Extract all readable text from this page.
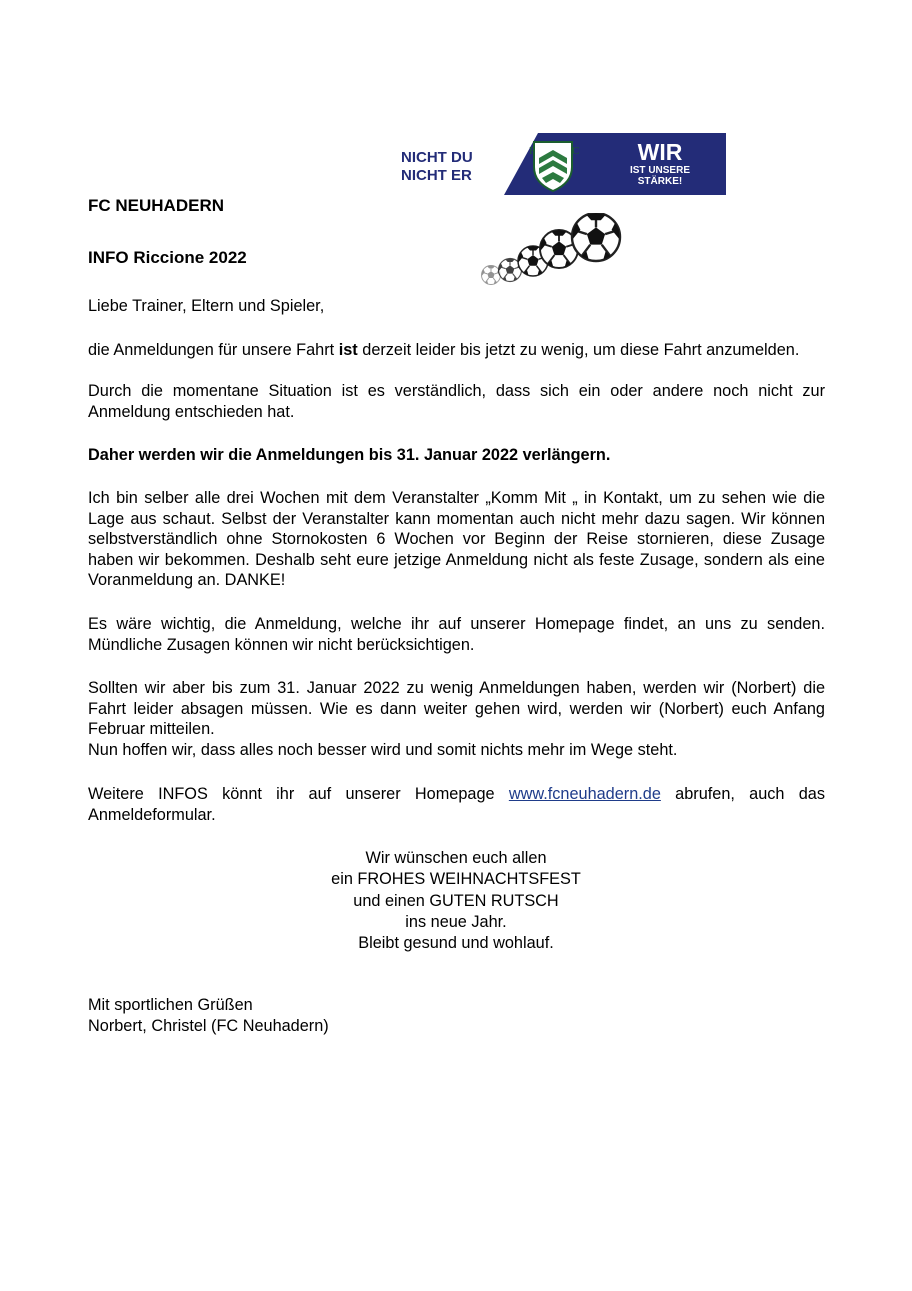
NICHT DU
NICHT ER
F	C	WIR
IST UNSERE
STÄRKE!
FC NEUHADERN
INFO Riccione 2022

Liebe Trainer, Eltern und Spieler,

die Anmeldungen für unsere Fahrt ist derzeit leider bis jetzt zu wenig, um diese Fahrt anzumelden.

Durch die momentane Situation ist es verständlich, dass sich ein oder andere noch nicht zur Anmeldung entschieden hat.

Daher werden wir die Anmeldungen bis 31. Januar 2022 verlängern.

Ich bin selber alle drei Wochen mit dem Veranstalter „Komm Mit „ in Kontakt, um zu sehen wie die Lage aus schaut. Selbst der Veranstalter kann momentan auch nicht mehr dazu sagen. Wir können selbstverständlich ohne Stornokosten 6 Wochen vor Beginn der Reise stornieren, diese Zusage haben wir bekommen. Deshalb seht eure jetzige Anmeldung nicht als feste Zusage, sondern als eine Voranmeldung an. DANKE!

Es wäre wichtig, die Anmeldung, welche ihr auf unserer Homepage findet, an uns zu senden. Mündliche Zusagen können wir nicht berücksichtigen.

Sollten wir aber bis zum 31. Januar 2022 zu wenig Anmeldungen haben, werden wir (Norbert) die Fahrt leider absagen müssen. Wie es dann weiter gehen wird, werden wir (Norbert) euch Anfang Februar mitteilen.

Nun hoffen wir, dass alles noch besser wird und somit nichts mehr im Wege steht.

Weitere INFOS könnt ihr auf unserer Homepage www.fcneuhadern.de abrufen, auch das Anmeldeformular.
Wir wünschen euch allen
ein FROHES WEIHNACHTSFEST
und einen GUTEN RUTSCH
ins neue Jahr.
Bleibt gesund und wohlauf.

Mit sportlichen Grüßen

Norbert, Christel (FC Neuhadern)
